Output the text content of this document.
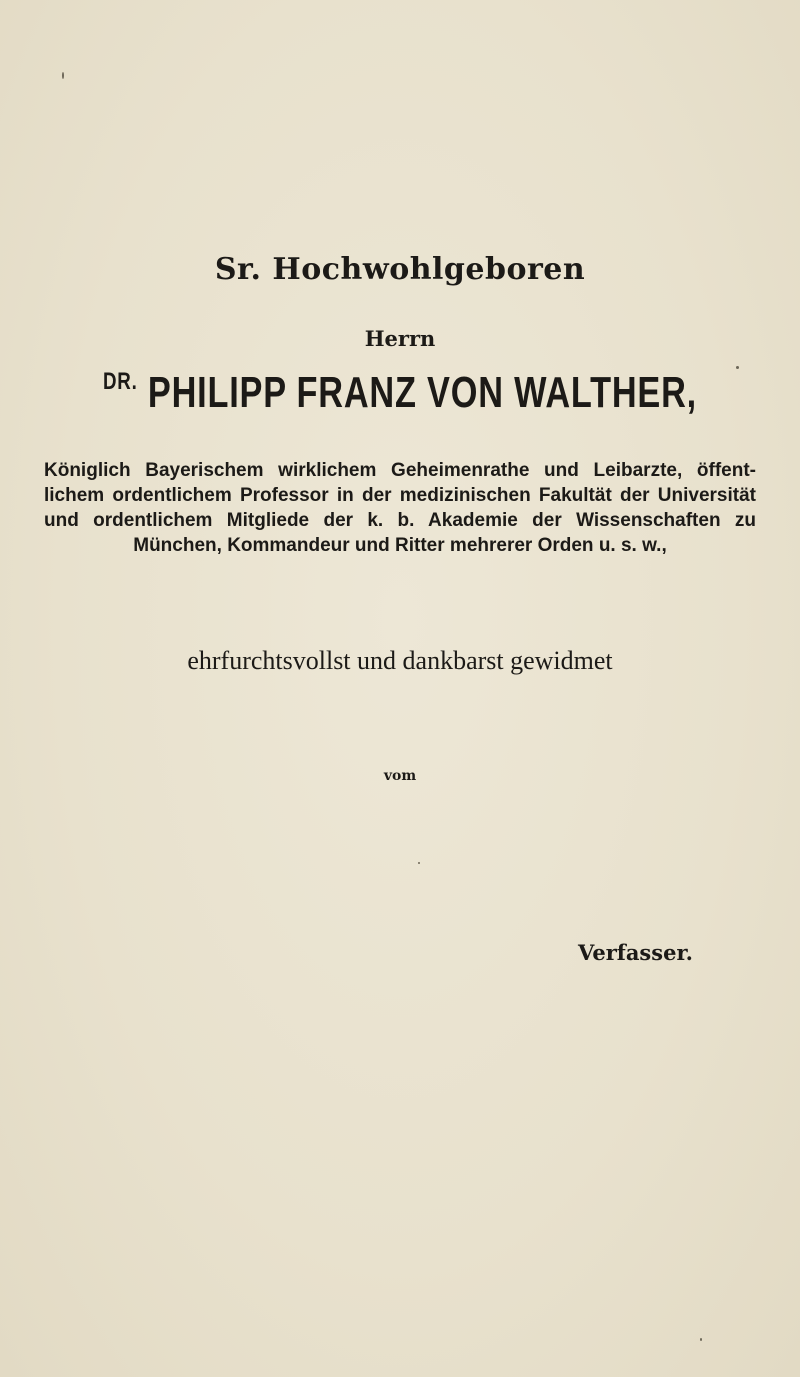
Sr. Hochwohlgeboren
Herrn
$^{DR.}$ PHILIPP FRANZ VON WALTHER,
Königlich Bayerischem wirklichem Geheimenrathe und Leibarzte, öffent-lichem ordentlichem Professor in der medizinischen Fakultät der Universität und ordentlichem Mitgliede der k. b. Akademie der Wissenschaften zu München, Kommandeur und Ritter mehrerer Orden u. s. w.,
ehrfurchtsvollst und dankbarst gewidmet
vom
Verfasser.
